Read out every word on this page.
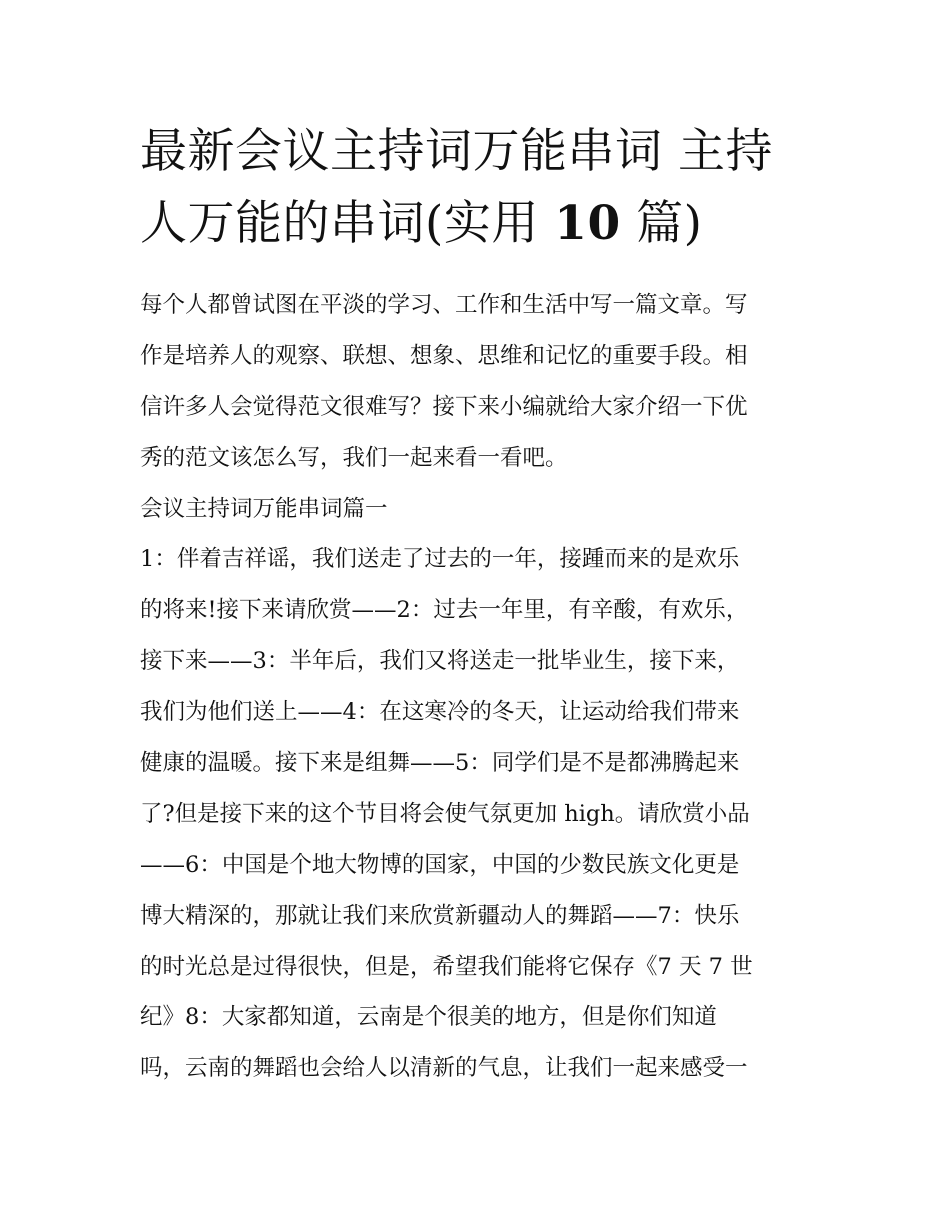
最新会议主持词万能串词 主持
人万能的串词(实用 10 篇)
每个人都曾试图在平淡的学习、工作和生活中写一篇文章。写
作是培养人的观察、联想、想象、思维和记忆的重要手段。相
信许多人会觉得范文很难写？接下来小编就给大家介绍一下优
秀的范文该怎么写，我们一起来看一看吧。
会议主持词万能串词篇一
1：伴着吉祥谣，我们送走了过去的一年，接踵而来的是欢乐
的将来!接下来请欣赏——2：过去一年里，有辛酸，有欢乐，
接下来——3：半年后，我们又将送走一批毕业生，接下来，
我们为他们送上——4：在这寒冷的冬天，让运动给我们带来
健康的温暖。接下来是组舞——5：同学们是不是都沸腾起来
了?但是接下来的这个节目将会使气氛更加 high。请欣赏小品
——6：中国是个地大物博的国家，中国的少数民族文化更是
博大精深的，那就让我们来欣赏新疆动人的舞蹈——7：快乐
的时光总是过得很快，但是，希望我们能将它保存《7 天 7 世
纪》8：大家都知道，云南是个很美的地方，但是你们知道
吗，云南的舞蹈也会给人以清新的气息，让我们一起来感受一
